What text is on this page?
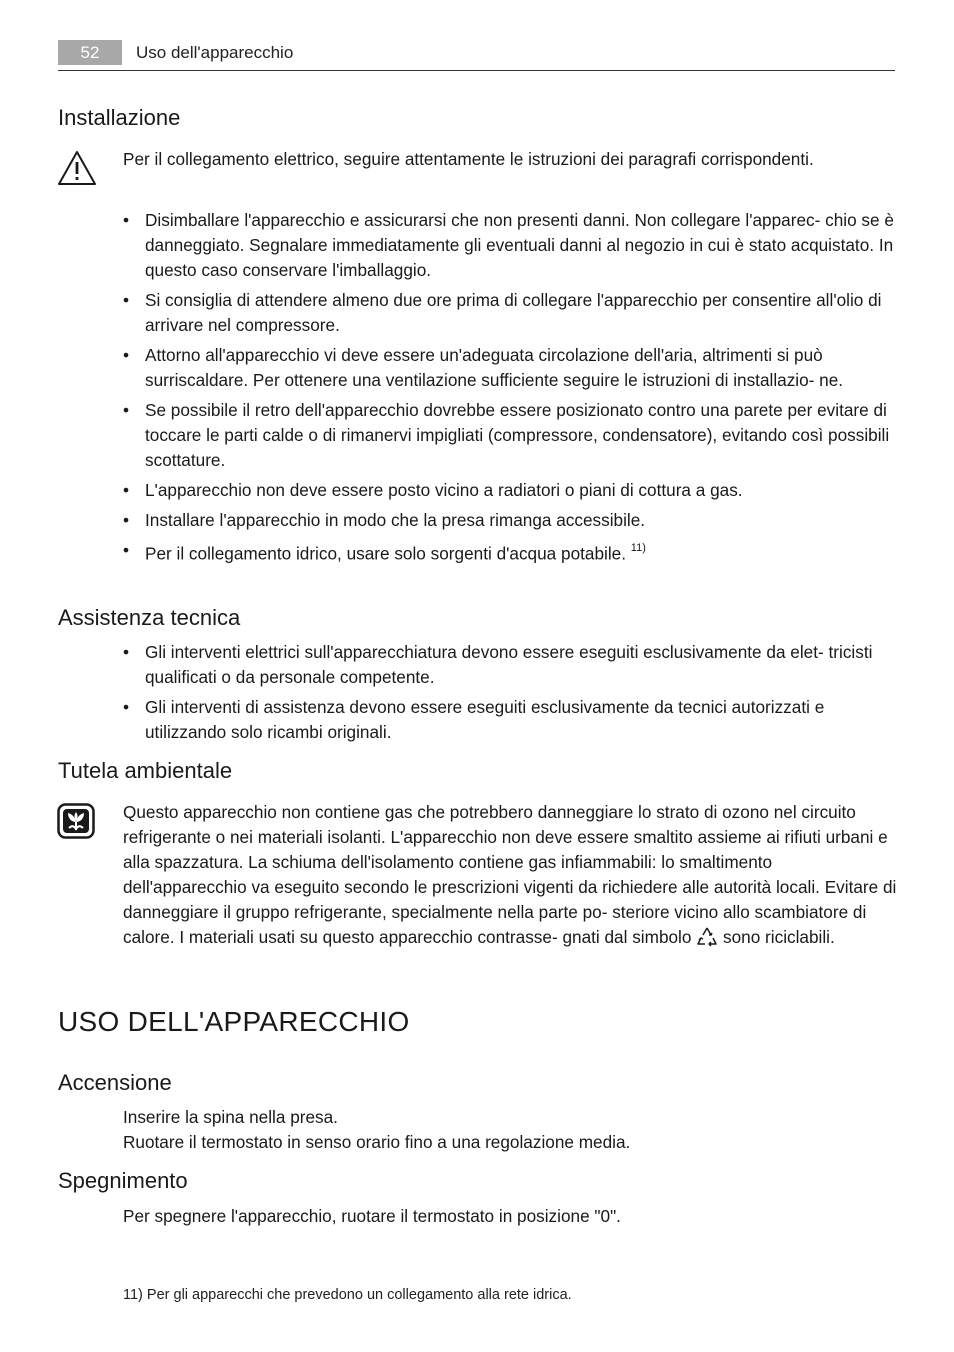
52	Uso dell'apparecchio
Installazione
Per il collegamento elettrico, seguire attentamente le istruzioni dei paragrafi corrispondenti.
• Disimballare l'apparecchio e assicurarsi che non presenti danni. Non collegare l'apparec- chio se è danneggiato. Segnalare immediatamente gli eventuali danni al negozio in cui è stato acquistato. In questo caso conservare l'imballaggio.
• Si consiglia di attendere almeno due ore prima di collegare l'apparecchio per consentire all'olio di arrivare nel compressore.
• Attorno all'apparecchio vi deve essere un'adeguata circolazione dell'aria, altrimenti si può surriscaldare. Per ottenere una ventilazione sufficiente seguire le istruzioni di installazio- ne.
• Se possibile il retro dell'apparecchio dovrebbe essere posizionato contro una parete per evitare di toccare le parti calde o di rimanervi impigliati (compressore, condensatore), evitando così possibili scottature.
• L'apparecchio non deve essere posto vicino a radiatori o piani di cottura a gas.
• Installare l'apparecchio in modo che la presa rimanga accessibile.
• Per il collegamento idrico, usare solo sorgenti d'acqua potabile. $^{11)}$
Assistenza tecnica
• Gli interventi elettrici sull'apparecchiatura devono essere eseguiti esclusivamente da elet- tricisti qualificati o da personale competente.
• Gli interventi di assistenza devono essere eseguiti esclusivamente da tecnici autorizzati e utilizzando solo ricambi originali.
Tutela ambientale
Questo apparecchio non contiene gas che potrebbero danneggiare lo strato di ozono nel circuito refrigerante o nei materiali isolanti. L'apparecchio non deve essere smaltito assieme ai rifiuti urbani e alla spazzatura. La schiuma dell'isolamento contiene gas infiammabili: lo smaltimento dell'apparecchio va eseguito secondo le prescrizioni vigenti da richiedere alle autorità locali. Evitare di danneggiare il gruppo refrigerante, specialmente nella parte po- steriore vicino allo scambiatore di calore. I materiali usati su questo apparecchio contrasse- gnati dal simbolo sono riciclabili.
USO DELL'APPARECCHIO
Accensione
Inserire la spina nella presa.
Ruotare il termostato in senso orario fino a una regolazione media.
Spegnimento
Per spegnere l'apparecchio, ruotare il termostato in posizione "0".
11) Per gli apparecchi che prevedono un collegamento alla rete idrica.
